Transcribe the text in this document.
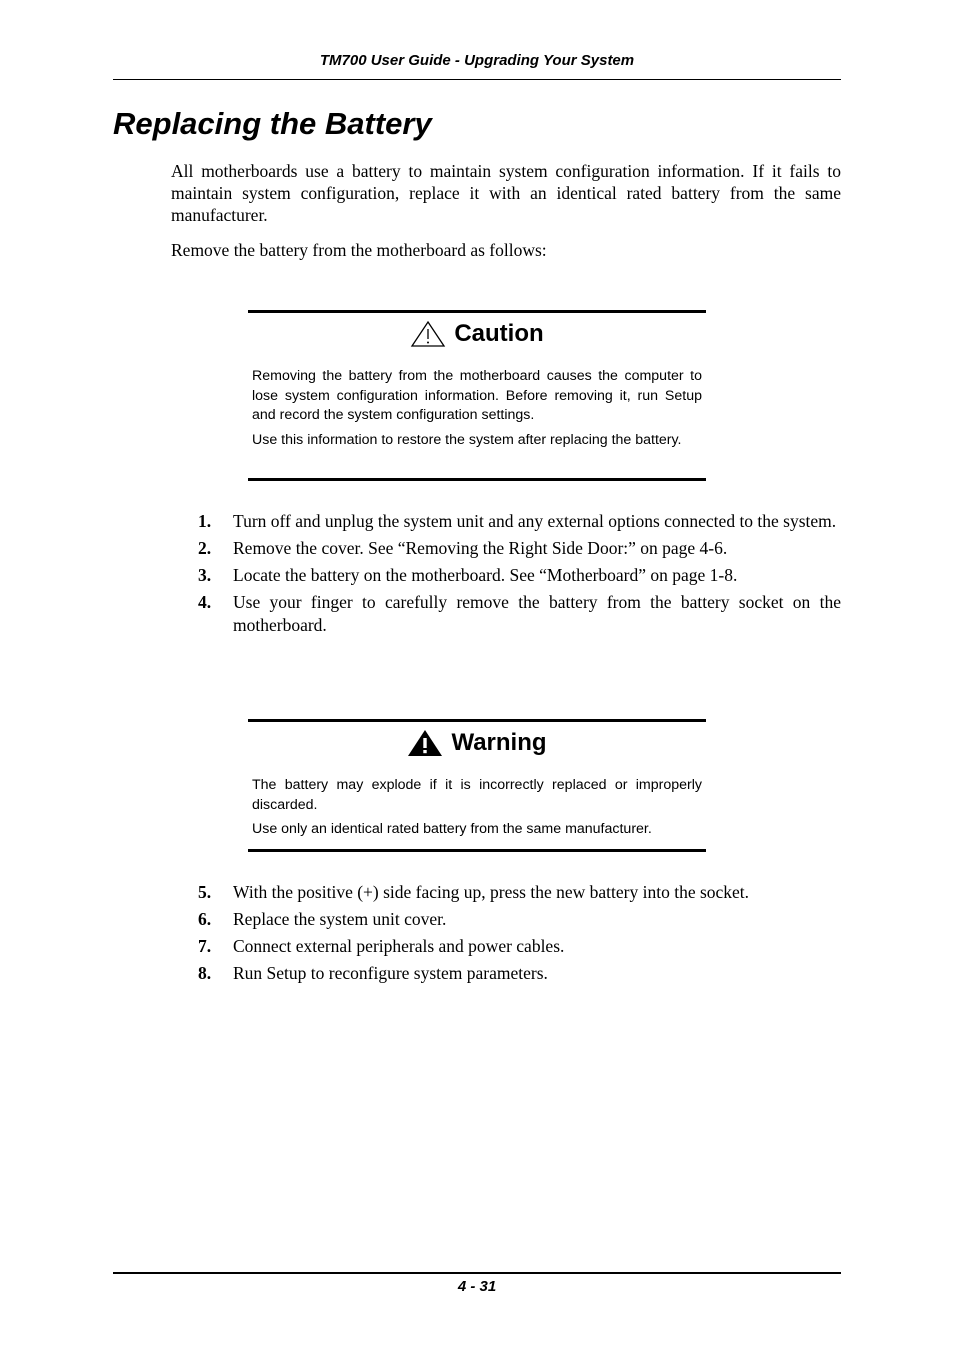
TM700 User Guide - Upgrading Your System
Replacing the Battery

All motherboards use a battery to maintain system configuration information. If it fails to maintain system configuration, replace it with an identical rated battery from the same manufacturer.

Remove the battery from the motherboard as follows:

Caution

Removing the battery from the motherboard causes the computer to lose system configuration information. Before removing it, run Setup and record the system configuration settings.

Use this information to restore the system after replacing the battery.

1. Turn off and unplug the system unit and any external options connected to the system.
2. Remove the cover. See “Removing the Right Side Door:” on page 4-6.
3. Locate the battery on the motherboard. See “Motherboard” on page 1-8.
4. Use your finger to carefully remove the battery from the battery socket on the motherboard.
Warning

The battery may explode if it is incorrectly replaced or improperly discarded.

Use only an identical rated battery from the same manufacturer.

5. With the positive (+) side facing up, press the new battery into the socket.
6. Replace the system unit cover.
7. Connect external peripherals and power cables.
8. Run Setup to reconfigure system parameters.
4 - 31
